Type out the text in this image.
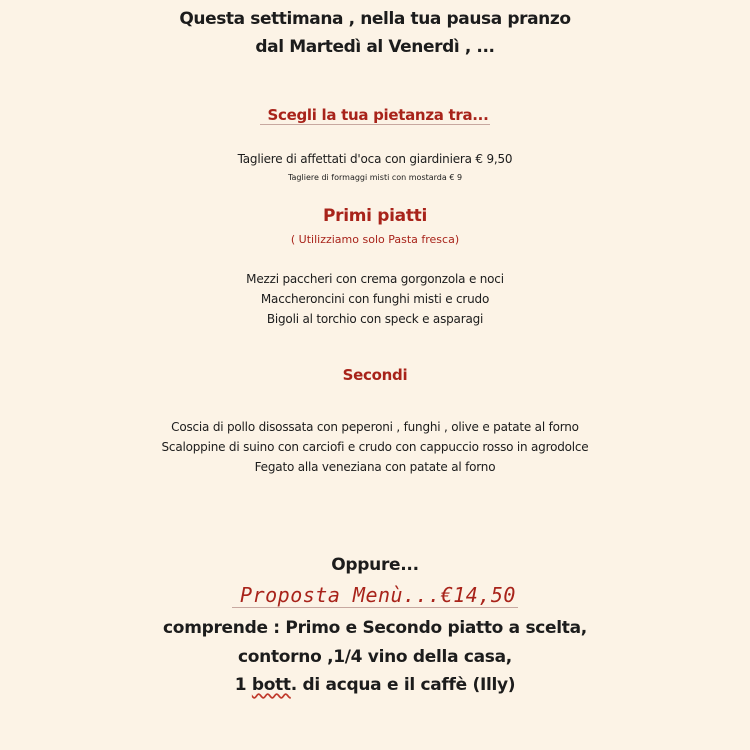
Questa settimana , nella tua pausa pranzo
dal Martedì al Venerdì , ...
Scegli la tua pietanza tra...
Tagliere di affettati d'oca con giardiniera € 9,50
Tagliere di formaggi misti con mostarda € 9
Primi piatti
( Utilizziamo solo Pasta fresca)
Mezzi paccheri con crema gorgonzola e noci
Maccheroncini con funghi misti e crudo
Bigoli al torchio con speck e asparagi
Secondi
Coscia di pollo disossata con peperoni , funghi , olive e patate al forno
Scaloppine di suino con carciofi e crudo con cappuccio rosso in agrodolce
Fegato alla veneziana con patate al forno
Oppure...
Proposta Menù...€14,50
comprende : Primo e Secondo piatto a scelta,
contorno ,1/4 vino della casa,
1 bott. di acqua e il caffè (Illy)
